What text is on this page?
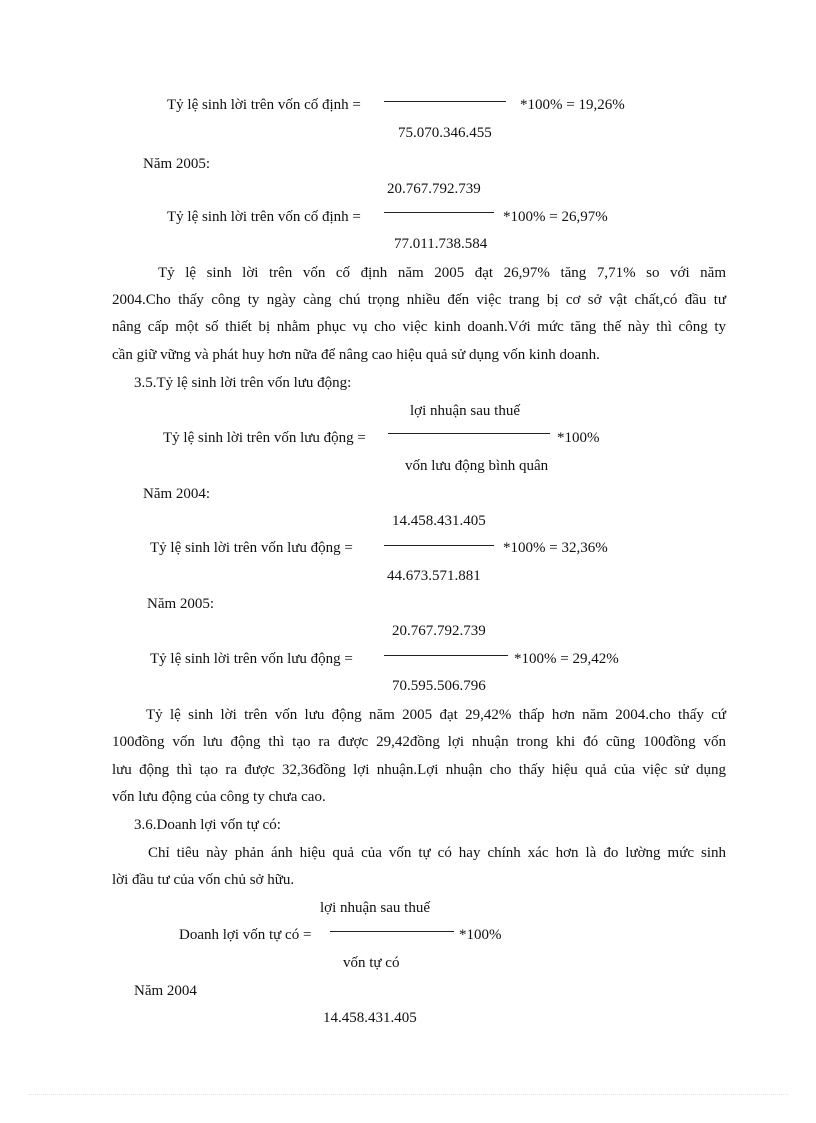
Tỷ lệ sinh lời trên vốn cố định =	*100% = 19,26%
75.070.346.455
Năm 2005:
20.767.792.739
Tỷ lệ sinh lời trên vốn cố định =	*100% = 26,97%
77.011.738.584
Tỷ lệ sinh lời trên vốn cố định năm 2005 đạt 26,97% tăng 7,71% so với năm
2004.Cho thấy công ty ngày càng chú trọng nhiều đến việc trang bị cơ sở vật chất,có đầu tư
nâng cấp một số thiết bị nhằm phục vụ cho việc kinh doanh.Với mức tăng thế này thì công ty
cần giữ vững và phát huy hơn nữa để nâng cao hiệu quả sử dụng vốn kinh doanh.
3.5.Tỷ lệ sinh lời trên vốn lưu động:
lợi nhuận sau thuế
Tỷ lệ sinh lời trên vốn lưu động =	*100%
vốn lưu động bình quân
Năm 2004:
14.458.431.405
Tỷ lệ sinh lời trên vốn lưu động =	*100% = 32,36%
44.673.571.881
Năm 2005:
20.767.792.739
Tỷ lệ sinh lời trên vốn lưu động =	*100% = 29,42%
70.595.506.796
Tỷ lệ sinh lời trên vốn lưu động năm 2005 đạt 29,42% thấp hơn năm 2004.cho thấy cứ
100đồng vốn lưu động thì tạo ra được 29,42đồng lợi nhuận trong khi đó cũng 100đồng vốn
lưu động thì tạo ra được 32,36đồng lợi nhuận.Lợi nhuận cho thấy hiệu quả của việc sử dụng
vốn lưu động của công ty chưa cao.
3.6.Doanh lợi vốn tự có:
Chỉ tiêu này phản ánh hiệu quả của vốn tự có hay chính xác hơn là đo lường mức sinh
lời đầu tư của vốn chủ sở hữu.
lợi nhuận sau thuế
Doanh lợi vốn tự có =	*100%
vốn tự có
Năm 2004
14.458.431.405
